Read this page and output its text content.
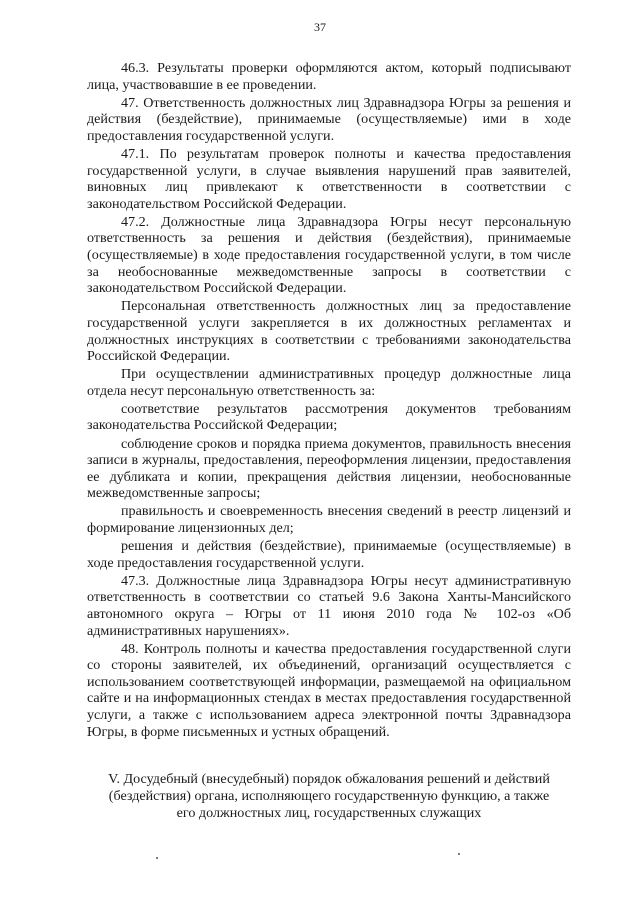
37

46.3. Результаты проверки оформляются актом, который подписывают лица, участвовавшие в ее проведении.

47. Ответственность должностных лиц Здравнадзора Югры за решения и действия (бездействие), принимаемые (осуществляемые) ими в ходе предоставления государственной услуги.

47.1. По результатам проверок полноты и качества предоставления государственной услуги, в случае выявления нарушений прав заявителей, виновных лиц привлекают к ответственности в соответствии с законодательством Российской Федерации.

47.2. Должностные лица Здравнадзора Югры несут персональную ответственность за решения и действия (бездействия), принимаемые (осуществляемые) в ходе предоставления государственной услуги, в том числе за необоснованные межведомственные запросы в соответствии с законодательством Российской Федерации.

Персональная ответственность должностных лиц за предоставление государственной услуги закрепляется в их должностных регламентах и должностных инструкциях в соответствии с требованиями законодательства Российской Федерации.

При осуществлении административных процедур должностные лица отдела несут персональную ответственность за:

соответствие результатов рассмотрения документов требованиям законодательства Российской Федерации;

соблюдение сроков и порядка приема документов, правильность внесения записи в журналы, предоставления, переоформления лицензии, предоставления ее дубликата и копии, прекращения действия лицензии, необоснованные межведомственные запросы;

правильность и своевременность внесения сведений в реестр лицензий и формирование лицензионных дел;

решения и действия (бездействие), принимаемые (осуществляемые) в ходе предоставления государственной услуги.

47.3. Должностные лица Здравнадзора Югры несут административную ответственность в соответствии со статьей 9.6 Закона Ханты-Мансийского автономного округа – Югры от 11 июня 2010 года № 102-оз «Об административных нарушениях».

48. Контроль полноты и качества предоставления государственной слуги со стороны заявителей, их объединений, организаций осуществляется с использованием соответствующей информации, размещаемой на официальном сайте и на информационных стендах в местах предоставления государственной услуги, а также с использованием адреса электронной почты Здравнадзора Югры, в форме письменных и устных обращений.

V. Досудебный (внесудебный) порядок обжалования решений и действий
(бездействия) органа, исполняющего государственную функцию, а также
его должностных лиц, государственных служащих
